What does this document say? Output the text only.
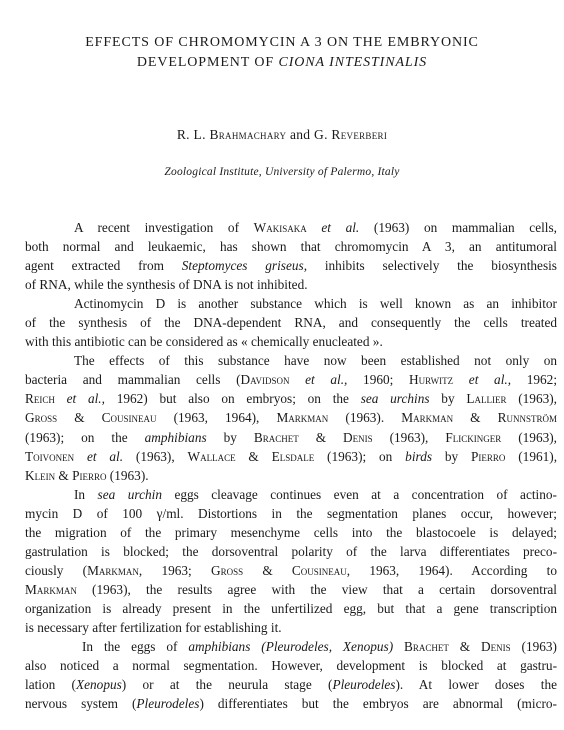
EFFECTS OF CHROMOMYCIN A 3 ON THE EMBRYONIC
DEVELOPMENT OF CIONA INTESTINALIS
R. L. Brahmachary and G. Reverberi
Zoological Institute, University of Palermo, Italy
A recent investigation of Wakisaka et al. (1963) on mammalian cells,
both normal and leukaemic, has shown that chromomycin A 3, an antitumoral
agent extracted from Steptomyces griseus, inhibits selectively the biosynthesis
of RNA, while the synthesis of DNA is not inhibited.
Actinomycin D is another substance which is well known as an inhibitor
of the synthesis of the DNA-dependent RNA, and consequently the cells treated
with this antibiotic can be considered as « chemically enucleated ».
The effects of this substance have now been established not only on
bacteria and mammalian cells (Davidson et al., 1960; Hurwitz et al., 1962;
Reich et al., 1962) but also on embryos; on the sea urchins by Lallier (1963),
Gross & Cousineau (1963, 1964), Markman (1963). Markman & Runnström
(1963); on the amphibians by Brachet & Denis (1963), Flickinger (1963),
Toivonen et al. (1963), Wallace & Elsdale (1963); on birds by Pierro (1961),
Klein & Pierro (1963).
In sea urchin eggs cleavage continues even at a concentration of actino-
mycin D of 100 γ/ml. Distortions in the segmentation planes occur, however;
the migration of the primary mesenchyme cells into the blastocoele is delayed;
gastrulation is blocked; the dorsoventral polarity of the larva differentiates preco-
ciously (Markman, 1963; Gross & Cousineau, 1963, 1964). According to
Markman (1963), the results agree with the view that a certain dorsoventral
organization is already present in the unfertilized egg, but that a gene transcription
is necessary after fertilization for establishing it.
In the eggs of amphibians (Pleurodeles, Xenopus) Brachet & Denis (1963)
also noticed a normal segmentation. However, development is blocked at gastru-
lation (Xenopus) or at the neurula stage (Pleurodeles). At lower doses the
nervous system (Pleurodeles) differentiates but the embryos are abnormal (micro-
